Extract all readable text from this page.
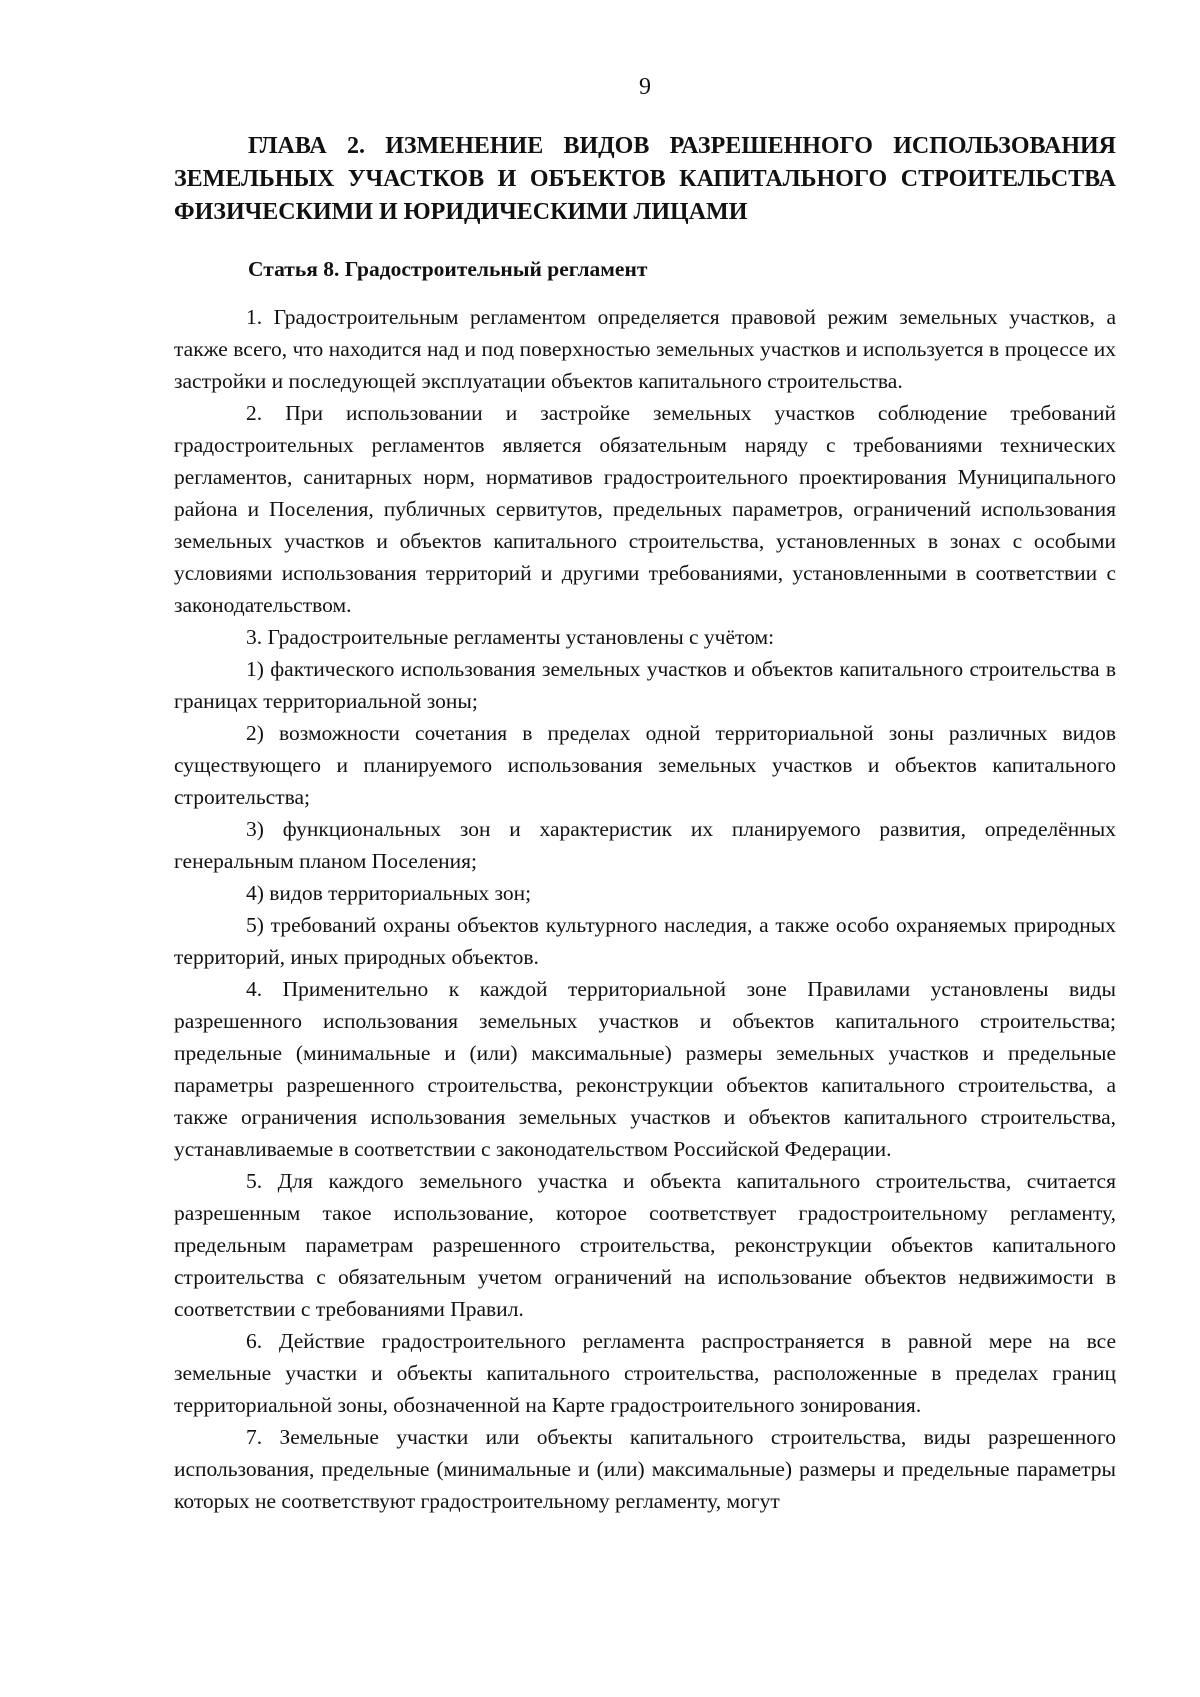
9
ГЛАВА 2. ИЗМЕНЕНИЕ ВИДОВ РАЗРЕШЕННОГО ИСПОЛЬЗОВАНИЯ ЗЕМЕЛЬНЫХ УЧАСТКОВ И ОБЪЕКТОВ КАПИТАЛЬНОГО СТРОИТЕЛЬСТВА ФИЗИЧЕСКИМИ И ЮРИДИЧЕСКИМИ ЛИЦАМИ
Статья 8. Градостроительный регламент

1. Градостроительным регламентом определяется правовой режим земельных участков, а также всего, что находится над и под поверхностью земельных участков и используется в процессе их застройки и последующей эксплуатации объектов капитального строительства.

2. При использовании и застройке земельных участков соблюдение требований градостроительных регламентов является обязательным наряду с требованиями технических регламентов, санитарных норм, нормативов градостроительного проектирования Муниципального района и Поселения, публичных сервитутов, предельных параметров, ограничений использования земельных участков и объектов капитального строительства, установленных в зонах с особыми условиями использования территорий и другими требованиями, установленными в соответствии с законодательством.

3. Градостроительные регламенты установлены с учётом:

1) фактического использования земельных участков и объектов капитального строительства в границах территориальной зоны;

2) возможности сочетания в пределах одной территориальной зоны различных видов существующего и планируемого использования земельных участков и объектов капитального строительства;

3) функциональных зон и характеристик их планируемого развития, определённых генеральным планом Поселения;

4) видов территориальных зон;

5) требований охраны объектов культурного наследия, а также особо охраняемых природных территорий, иных природных объектов.

4. Применительно к каждой территориальной зоне Правилами установлены виды разрешенного использования земельных участков и объектов капитального строительства; предельные (минимальные и (или) максимальные) размеры земельных участков и предельные параметры разрешенного строительства, реконструкции объектов капитального строительства, а также ограничения использования земельных участков и объектов капитального строительства, устанавливаемые в соответствии с законодательством Российской Федерации.

5. Для каждого земельного участка и объекта капитального строительства, считается разрешенным такое использование, которое соответствует градостроительному регламенту, предельным параметрам разрешенного строительства, реконструкции объектов капитального строительства с обязательным учетом ограничений на использование объектов недвижимости в соответствии с требованиями Правил.

6. Действие градостроительного регламента распространяется в равной мере на все земельные участки и объекты капитального строительства, расположенные в пределах границ территориальной зоны, обозначенной на Карте градостроительного зонирования.

7. Земельные участки или объекты капитального строительства, виды разрешенного использования, предельные (минимальные и (или) максимальные) размеры и предельные параметры которых не соответствуют градостроительному регламенту, могут
